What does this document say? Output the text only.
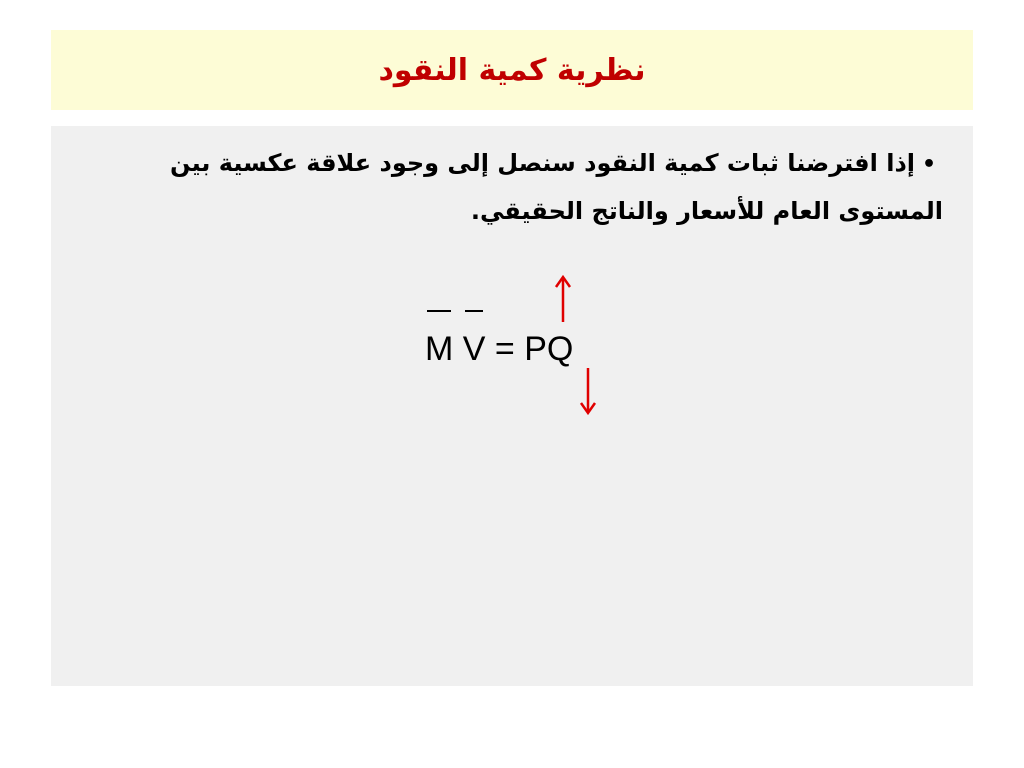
نظرية كمية النقود
•إذا افترضنا ثبات كمية النقود سنصل إلى وجود علاقة عكسية بين المستوى العام للأسعار والناتج الحقيقي.
M V = PQ
